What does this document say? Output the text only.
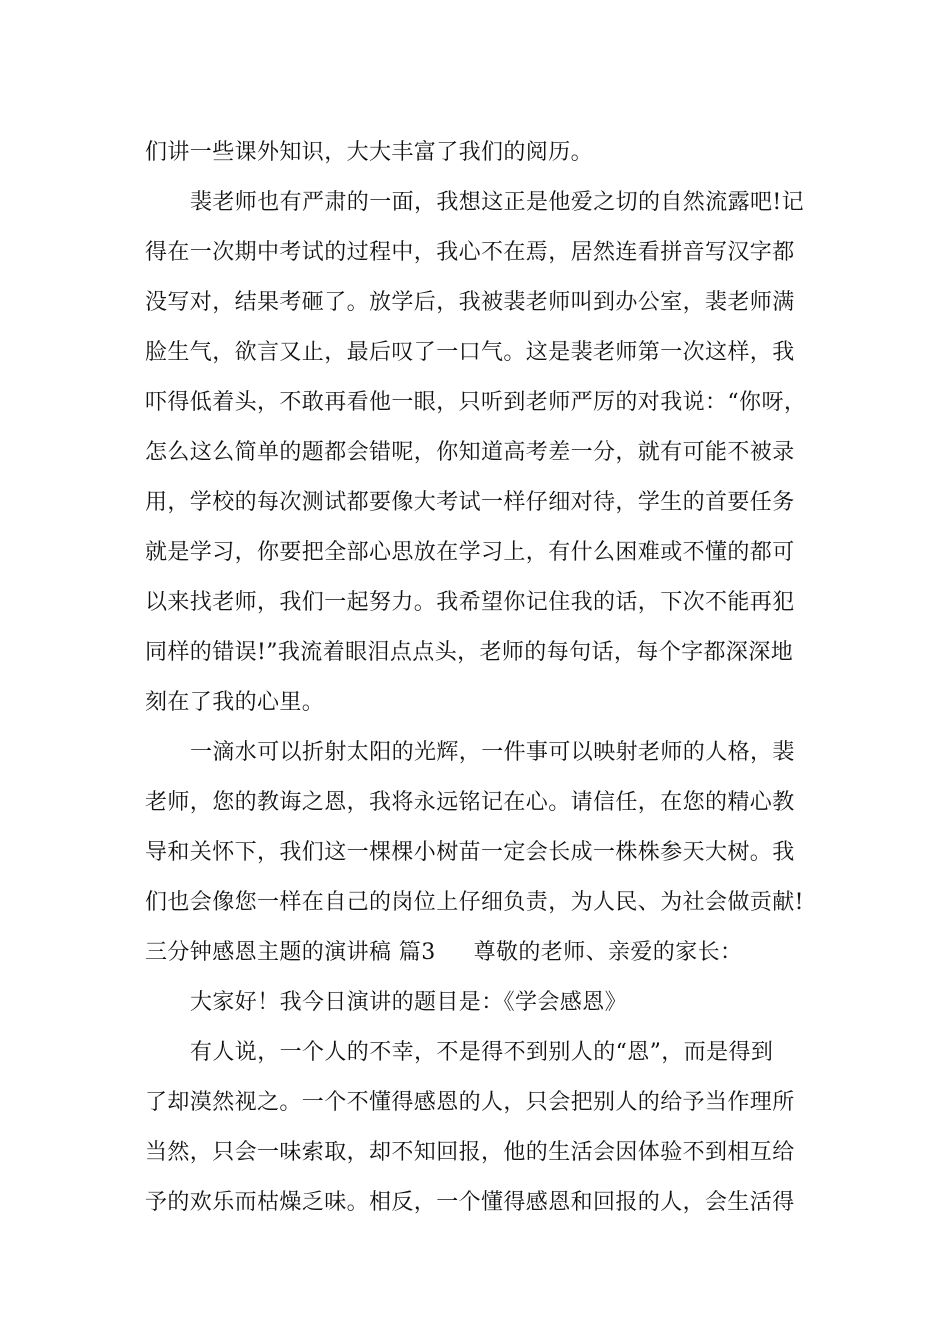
们讲一些课外知识，大大丰富了我们的阅历。
裴老师也有严肃的一面，我想这正是他爱之切的自然流露吧!记
得在一次期中考试的过程中，我心不在焉，居然连看拼音写汉字都
没写对，结果考砸了。放学后，我被裴老师叫到办公室，裴老师满
脸生气，欲言又止，最后叹了一口气。这是裴老师第一次这样，我
吓得低着头，不敢再看他一眼，只听到老师严厉的对我说：“你呀，
怎么这么简单的题都会错呢，你知道高考差一分，就有可能不被录
用，学校的每次测试都要像大考试一样仔细对待，学生的首要任务
就是学习，你要把全部心思放在学习上，有什么困难或不懂的都可
以来找老师，我们一起努力。我希望你记住我的话，下次不能再犯
同样的错误!”我流着眼泪点点头，老师的每句话，每个字都深深地
刻在了我的心里。
一滴水可以折射太阳的光辉，一件事可以映射老师的人格，裴
老师，您的教诲之恩，我将永远铭记在心。请信任，在您的精心教
导和关怀下，我们这一棵棵小树苗一定会长成一株株参天大树。我
们也会像您一样在自己的岗位上仔细负责，为人民、为社会做贡献!
三分钟感恩主题的演讲稿 篇3 尊敬的老师、亲爱的家长：
大家好！我今日演讲的题目是：《学会感恩》
有人说，一个人的不幸，不是得不到别人的“恩”，而是得到
了却漠然视之。一个不懂得感恩的人，只会把别人的给予当作理所
当然，只会一味索取，却不知回报，他的生活会因体验不到相互给
予的欢乐而枯燥乏味。相反，一个懂得感恩和回报的人，会生活得
